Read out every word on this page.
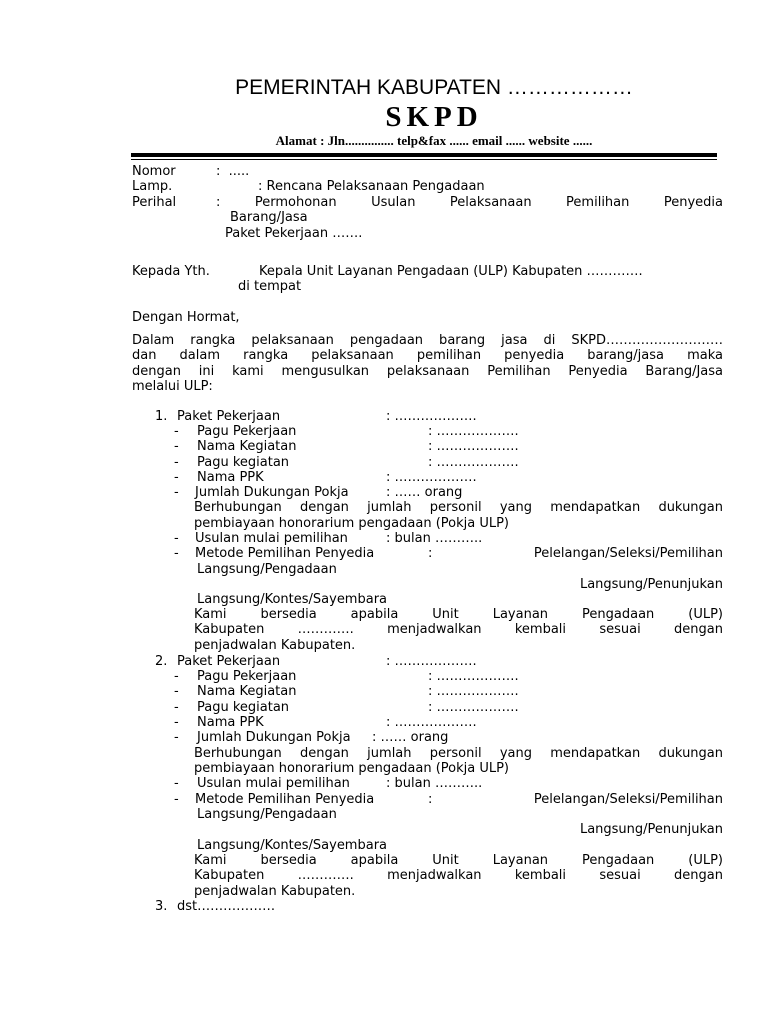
PEMERINTAH KABUPATEN ………………
SKPD
Alamat : Jln............... telp&fax ...... email ...... website ......
Nomor	:  .....
Lamp.	: Rencana Pelaksanaan Pengadaan
Perihal	: Permohonan Usulan Pelaksanaan Pemilihan Penyedia
Barang/Jasa
Paket Pekerjaan …….
Kepada Yth.	Kepala Unit Layanan Pengadaan (ULP) Kabupaten ………….
di tempat
Dengan Hormat,
Dalam rangka pelaksanaan pengadaan barang jasa di SKPD………………………
dan dalam rangka pelaksanaan pemilihan penyedia barang/jasa maka
dengan ini kami mengusulkan pelaksanaan Pemilihan Penyedia Barang/Jasa
melalui ULP:
1. Paket Pekerjaan	: ……………….
- Pagu Pekerjaan	: ……………….
- Nama Kegiatan	: ……………….
- Pagu kegiatan	: ……………….
- Nama PPK	: ……………….
- Jumlah Dukungan Pokja	: …… orang
Berhubungan dengan jumlah personil yang mendapatkan dukungan
pembiayaan honorarium pengadaan (Pokja ULP)
- Usulan mulai pemilihan	: bulan ………..
- Metode Pemilihan Penyedia	:	Pelelangan/Seleksi/Pemilihan
Langsung/Pengadaan
Langsung/Penunjukan
Langsung/Kontes/Sayembara
Kami bersedia apabila Unit Layanan Pengadaan (ULP)
Kabupaten …………. menjadwalkan kembali sesuai dengan
penjadwalan Kabupaten.
2. Paket Pekerjaan	: ……………….
- Pagu Pekerjaan	: ……………….
- Nama Kegiatan	: ……………….
- Pagu kegiatan	: ……………….
- Nama PPK	: ……………….
- Jumlah Dukungan Pokja : …… orang
Berhubungan dengan jumlah personil yang mendapatkan dukungan
pembiayaan honorarium pengadaan (Pokja ULP)
- Usulan mulai pemilihan	: bulan ………..
- Metode Pemilihan Penyedia	:	Pelelangan/Seleksi/Pemilihan
Langsung/Pengadaan
Langsung/Penunjukan
Langsung/Kontes/Sayembara
Kami bersedia apabila Unit Layanan Pengadaan (ULP)
Kabupaten …………. menjadwalkan kembali sesuai dengan
penjadwalan Kabupaten.
3. dst………………
